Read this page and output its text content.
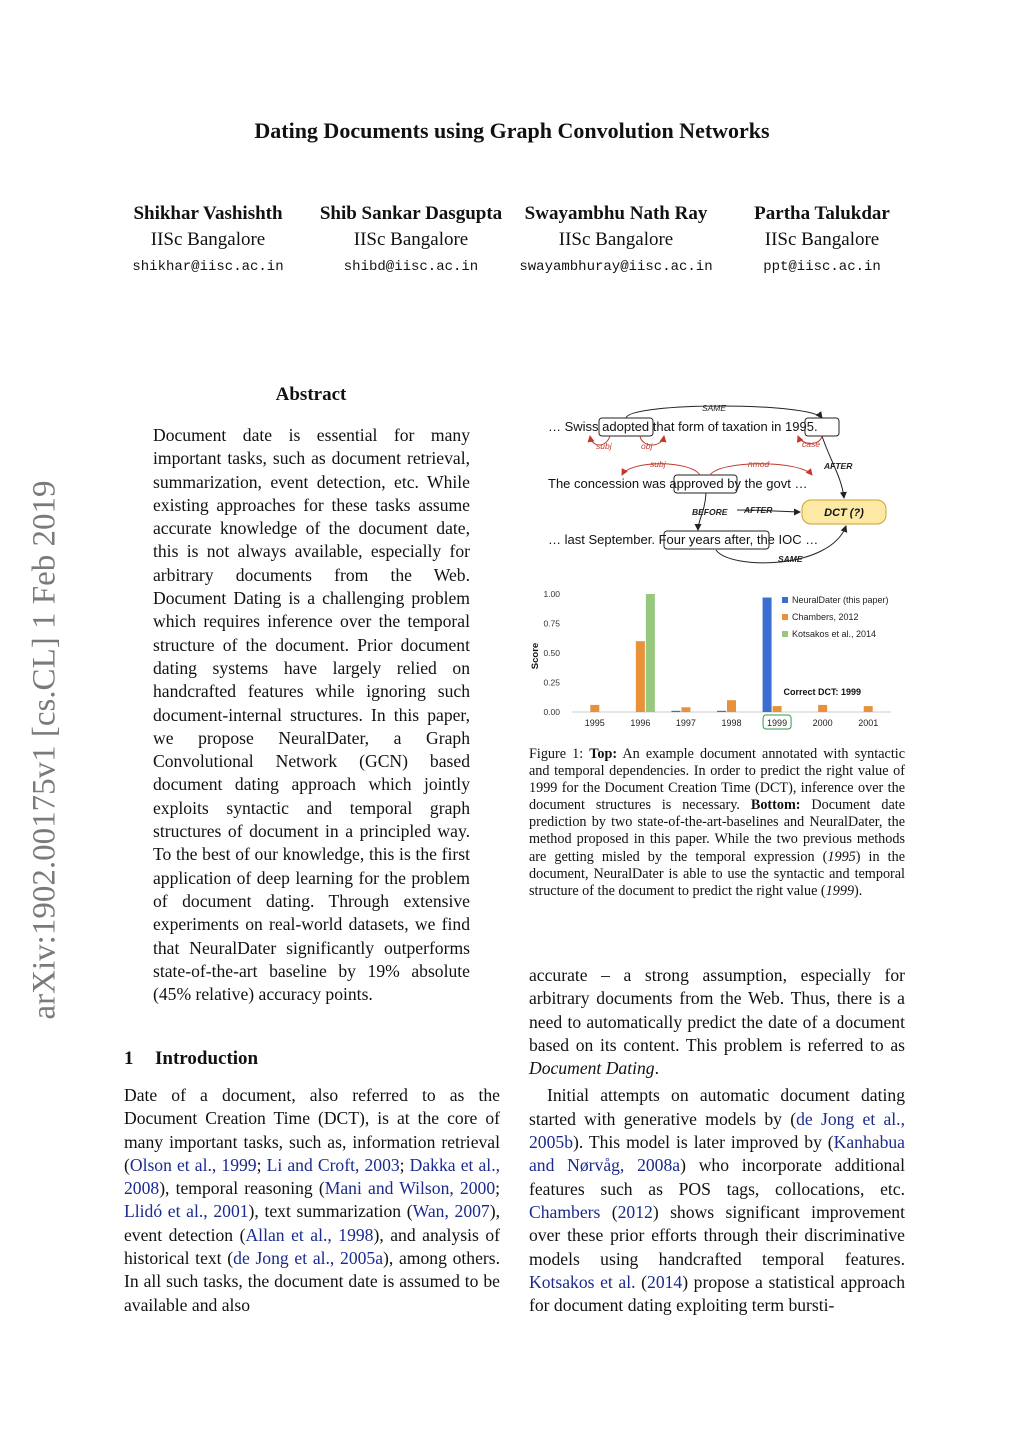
Dating Documents using Graph Convolution Networks
Shikhar Vashishth
IISc Bangalore
shikhar@iisc.ac.in
Shib Sankar Dasgupta
IISc Bangalore
shibd@iisc.ac.in
Swayambhu Nath Ray
IISc Bangalore
swayambhuray@iisc.ac.in
Partha Talukdar
IISc Bangalore
ppt@iisc.ac.in
arXiv:1902.00175v1 [cs.CL] 1 Feb 2019
Abstract
Document date is essential for many important tasks, such as document retrieval, summarization, event detection, etc. While existing approaches for these tasks assume accurate knowledge of the document date, this is not always available, especially for arbitrary documents from the Web. Document Dating is a challenging problem which requires inference over the temporal structure of the document. Prior document dating systems have largely relied on handcrafted features while ignoring such document-internal structures. In this paper, we propose NeuralDater, a Graph Convolutional Network (GCN) based document dating approach which jointly exploits syntactic and temporal graph structures of document in a principled way. To the best of our knowledge, this is the first application of deep learning for the problem of document dating. Through extensive experiments on real-world datasets, we find that NeuralDater significantly outperforms state-of-the-art baseline by 19% absolute (45% relative) accuracy points.
1 Introduction
Date of a document, also referred to as the Document Creation Time (DCT), is at the core of many important tasks, such as, information retrieval (Olson et al., 1999; Li and Croft, 2003; Dakka et al., 2008), temporal reasoning (Mani and Wilson, 2000; Llidó et al., 2001), text summarization (Wan, 2007), event detection (Allan et al., 1998), and analysis of historical text (de Jong et al., 2005a), among others. In all such tasks, the document date is assumed to be available and also
… Swiss adopted that form of taxation in 1995.
The concession was approved by the govt …
… last September. Four years after, the IOC …
DCT (?)
SAME
subj	obj	case
AFTER
subj	nmod
BEFORE AFTER
SAME
Score
0.00
0.25
0.50
0.75
1.00
1995	1996	1997	1998	1999	2000	2001
NeuralDater (this paper)
Chambers, 2012
Kotsakos et al., 2014
Correct DCT: 1999
Figure 1: Top: An example document annotated with syntactic and temporal dependencies. In order to predict the right value of 1999 for the Document Creation Time (DCT), inference over the document structures is necessary. Bottom: Document date prediction by two state-of-the-art-baselines and NeuralDater, the method proposed in this paper. While the two previous methods are getting misled by the temporal expression (1995) in the document, NeuralDater is able to use the syntactic and temporal structure of the document to predict the right value (1999).

accurate – a strong assumption, especially for arbitrary documents from the Web. Thus, there is a need to automatically predict the date of a document based on its content. This problem is referred to as Document Dating.

Initial attempts on automatic document dating started with generative models by (de Jong et al., 2005b). This model is later improved by (Kanhabua and Nørvåg, 2008a) who incorporate additional features such as POS tags, collocations, etc. Chambers (2012) shows significant improvement over these prior efforts through their discriminative models using handcrafted temporal features. Kotsakos et al. (2014) propose a statistical approach for document dating exploiting term bursti-
